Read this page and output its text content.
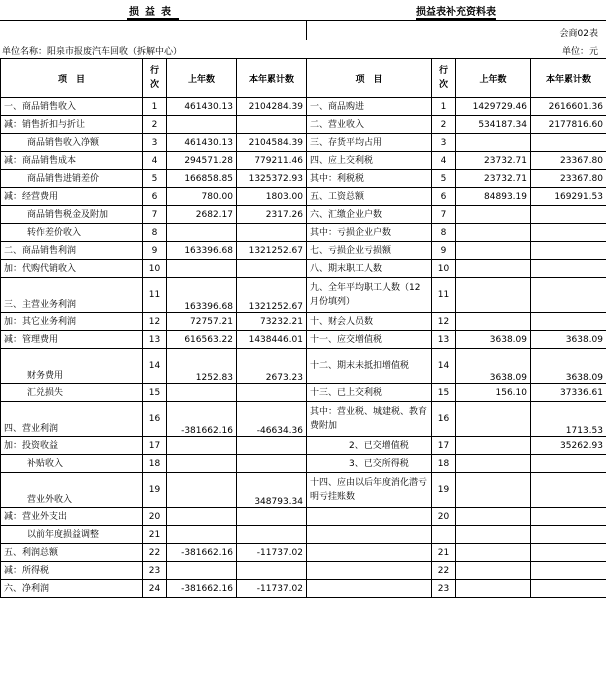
损益表	损益表补充资料表
会商02表
单位名称：阳泉市报废汽车回收（拆解中心）	单位：元
项　目	行次	上年数	本年累计数	项　目	行次	上年数	本年累计数
一、商品销售收入	1	461430.13	2104284.39	一、商品购进	1	1429729.46	2616601.36
减：销售折扣与折让	2			二、营业收入	2	534187.34	2177816.60
商品销售收入净额	3	461430.13	2104584.39	三、存货平均占用	3		
减：商品销售成本	4	294571.28	779211.46	四、应上交利税	4	23732.71	23367.80
商品销售进销差价	5	166858.85	1325372.93	其中：利税税	5	23732.71	23367.80
减：经营费用	6	780.00	1803.00	五、工资总额	6	84893.19	169291.53
商品销售税金及附加	7	2682.17	2317.26	六、汇缴企业户数	7		
转作差价收入	8			其中：亏损企业户数	8		
二、商品销售利润	9	163396.68	1321252.67	七、亏损企业亏损额	9		
加：代购代销收入	10			八、期末职工人数	10		
三、主营业务利润	11	163396.68	1321252.67	九、全年平均职工人数（12月份填列）	11		
加：其它业务利润	12	72757.21	73232.21	十、财会人员数	12		
减：管理费用	13	616563.22	1438446.01	十一、应交增值税	13	3638.09	3638.09
财务费用	14	1252.83	2673.23	十二、期末未抵扣增值税	14	3638.09	3638.09
汇兑损失	15			十三、已上交利税	15	156.10	37336.61
四、营业利润	16	-381662.16	-46634.36	其中：营业税、城建税、教育费附加	16		1713.53
加：投资收益	17			2、已交增值税	17		35262.93
补贴收入	18			3、已交所得税	18		
营业外收入	19		348793.34	十四、应由以后年度消化潜亏明亏挂账数	19		
减：营业外支出	20				20		
以前年度损益调整	21						
五、利润总额	22	-381662.16	-11737.02		21		
减：所得税	23				22		
六、净利润	24	-381662.16	-11737.02		23		
